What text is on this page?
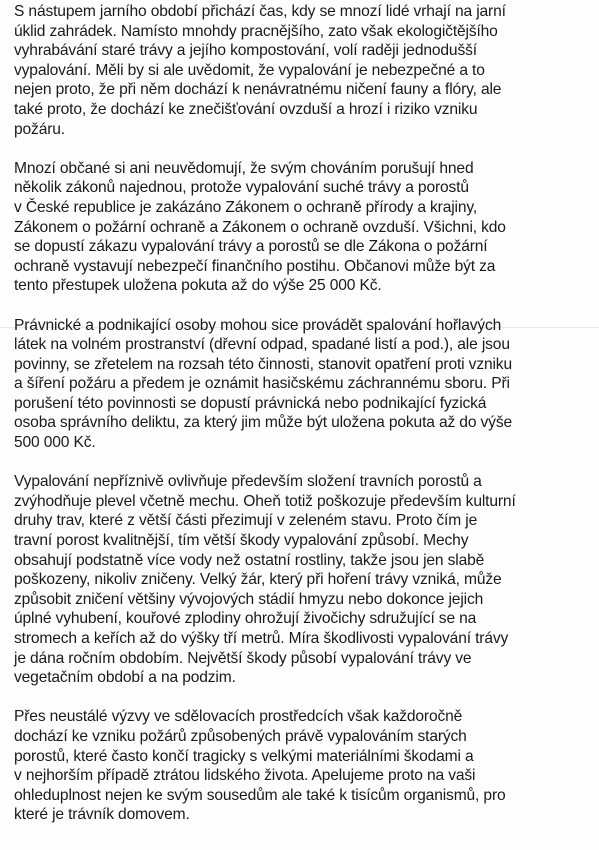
S nástupem jarního období přichází čas, kdy se mnozí lidé vrhají na jarní
úklid zahrádek. Namísto mnohdy pracnějšího, zato však ekologičtějšího
vyhrabávání staré trávy a jejího kompostování, volí raději jednodušší
vypalování. Měli by si ale uvědomit, že vypalování je nebezpečné a to
nejen proto, že při něm dochází k nenávratnému ničení fauny a flóry, ale
také proto, že dochází ke znečišťování ovzduší a hrozí i riziko vzniku
požáru.
Mnozí občané si ani neuvědomují, že svým chováním porušují hned
několik zákonů najednou, protože vypalování suché trávy a porostů
v České republice je zakázáno Zákonem o ochraně přírody a krajiny,
Zákonem o požární ochraně a Zákonem o ochraně ovzduší. Všichni, kdo
se dopustí zákazu vypalování trávy a porostů se dle Zákona o požární
ochraně vystavují nebezpečí finančního postihu. Občanovi může být za
tento přestupek uložena pokuta až do výše 25 000 Kč.
Právnické a podnikající osoby mohou sice provádět spalování hořlavých
látek na volném prostranství (dřevní odpad, spadané listí a pod.), ale jsou
povinny, se zřetelem na rozsah této činnosti, stanovit opatření proti vzniku
a šíření požáru a předem je oznámit hasičskému záchrannému sboru. Při
porušení této povinnosti se dopustí právnická nebo podnikající fyzická
osoba správního deliktu, za který jim může být uložena pokuta až do výše
500 000 Kč.
Vypalování nepříznivě ovlivňuje především složení travních porostů a
zvýhodňuje plevel včetně mechu. Oheň totiž poškozuje především kulturní
druhy trav, které z větší části přezimují v zeleném stavu. Proto čím je
travní porost kvalitnější, tím větší škody vypalování způsobí. Mechy
obsahují podstatně více vody než ostatní rostliny, takže jsou jen slabě
poškozeny, nikoliv zničeny. Velký žár, který při hoření trávy vzniká, může
způsobit zničení většiny vývojových stádií hmyzu nebo dokonce jejich
úplné vyhubení, kouřové zplodiny ohrožují živočichy sdružující se na
stromech a keřích až do výšky tří metrů. Míra škodlivosti vypalování trávy
je dána ročním obdobím. Největší škody působí vypalování trávy ve
vegetačním období a na podzim.
Přes neustálé výzvy ve sdělovacích prostředcích však každoročně
dochází ke vzniku požárů způsobených právě vypalováním starých
porostů, které často končí tragicky s velkými materiálními škodami a
v nejhorším případě ztrátou lidského života. Apelujeme proto na vaši
ohleduplnost nejen ke svým sousedům ale také k tisícům organismů, pro
které je trávník domovem.
